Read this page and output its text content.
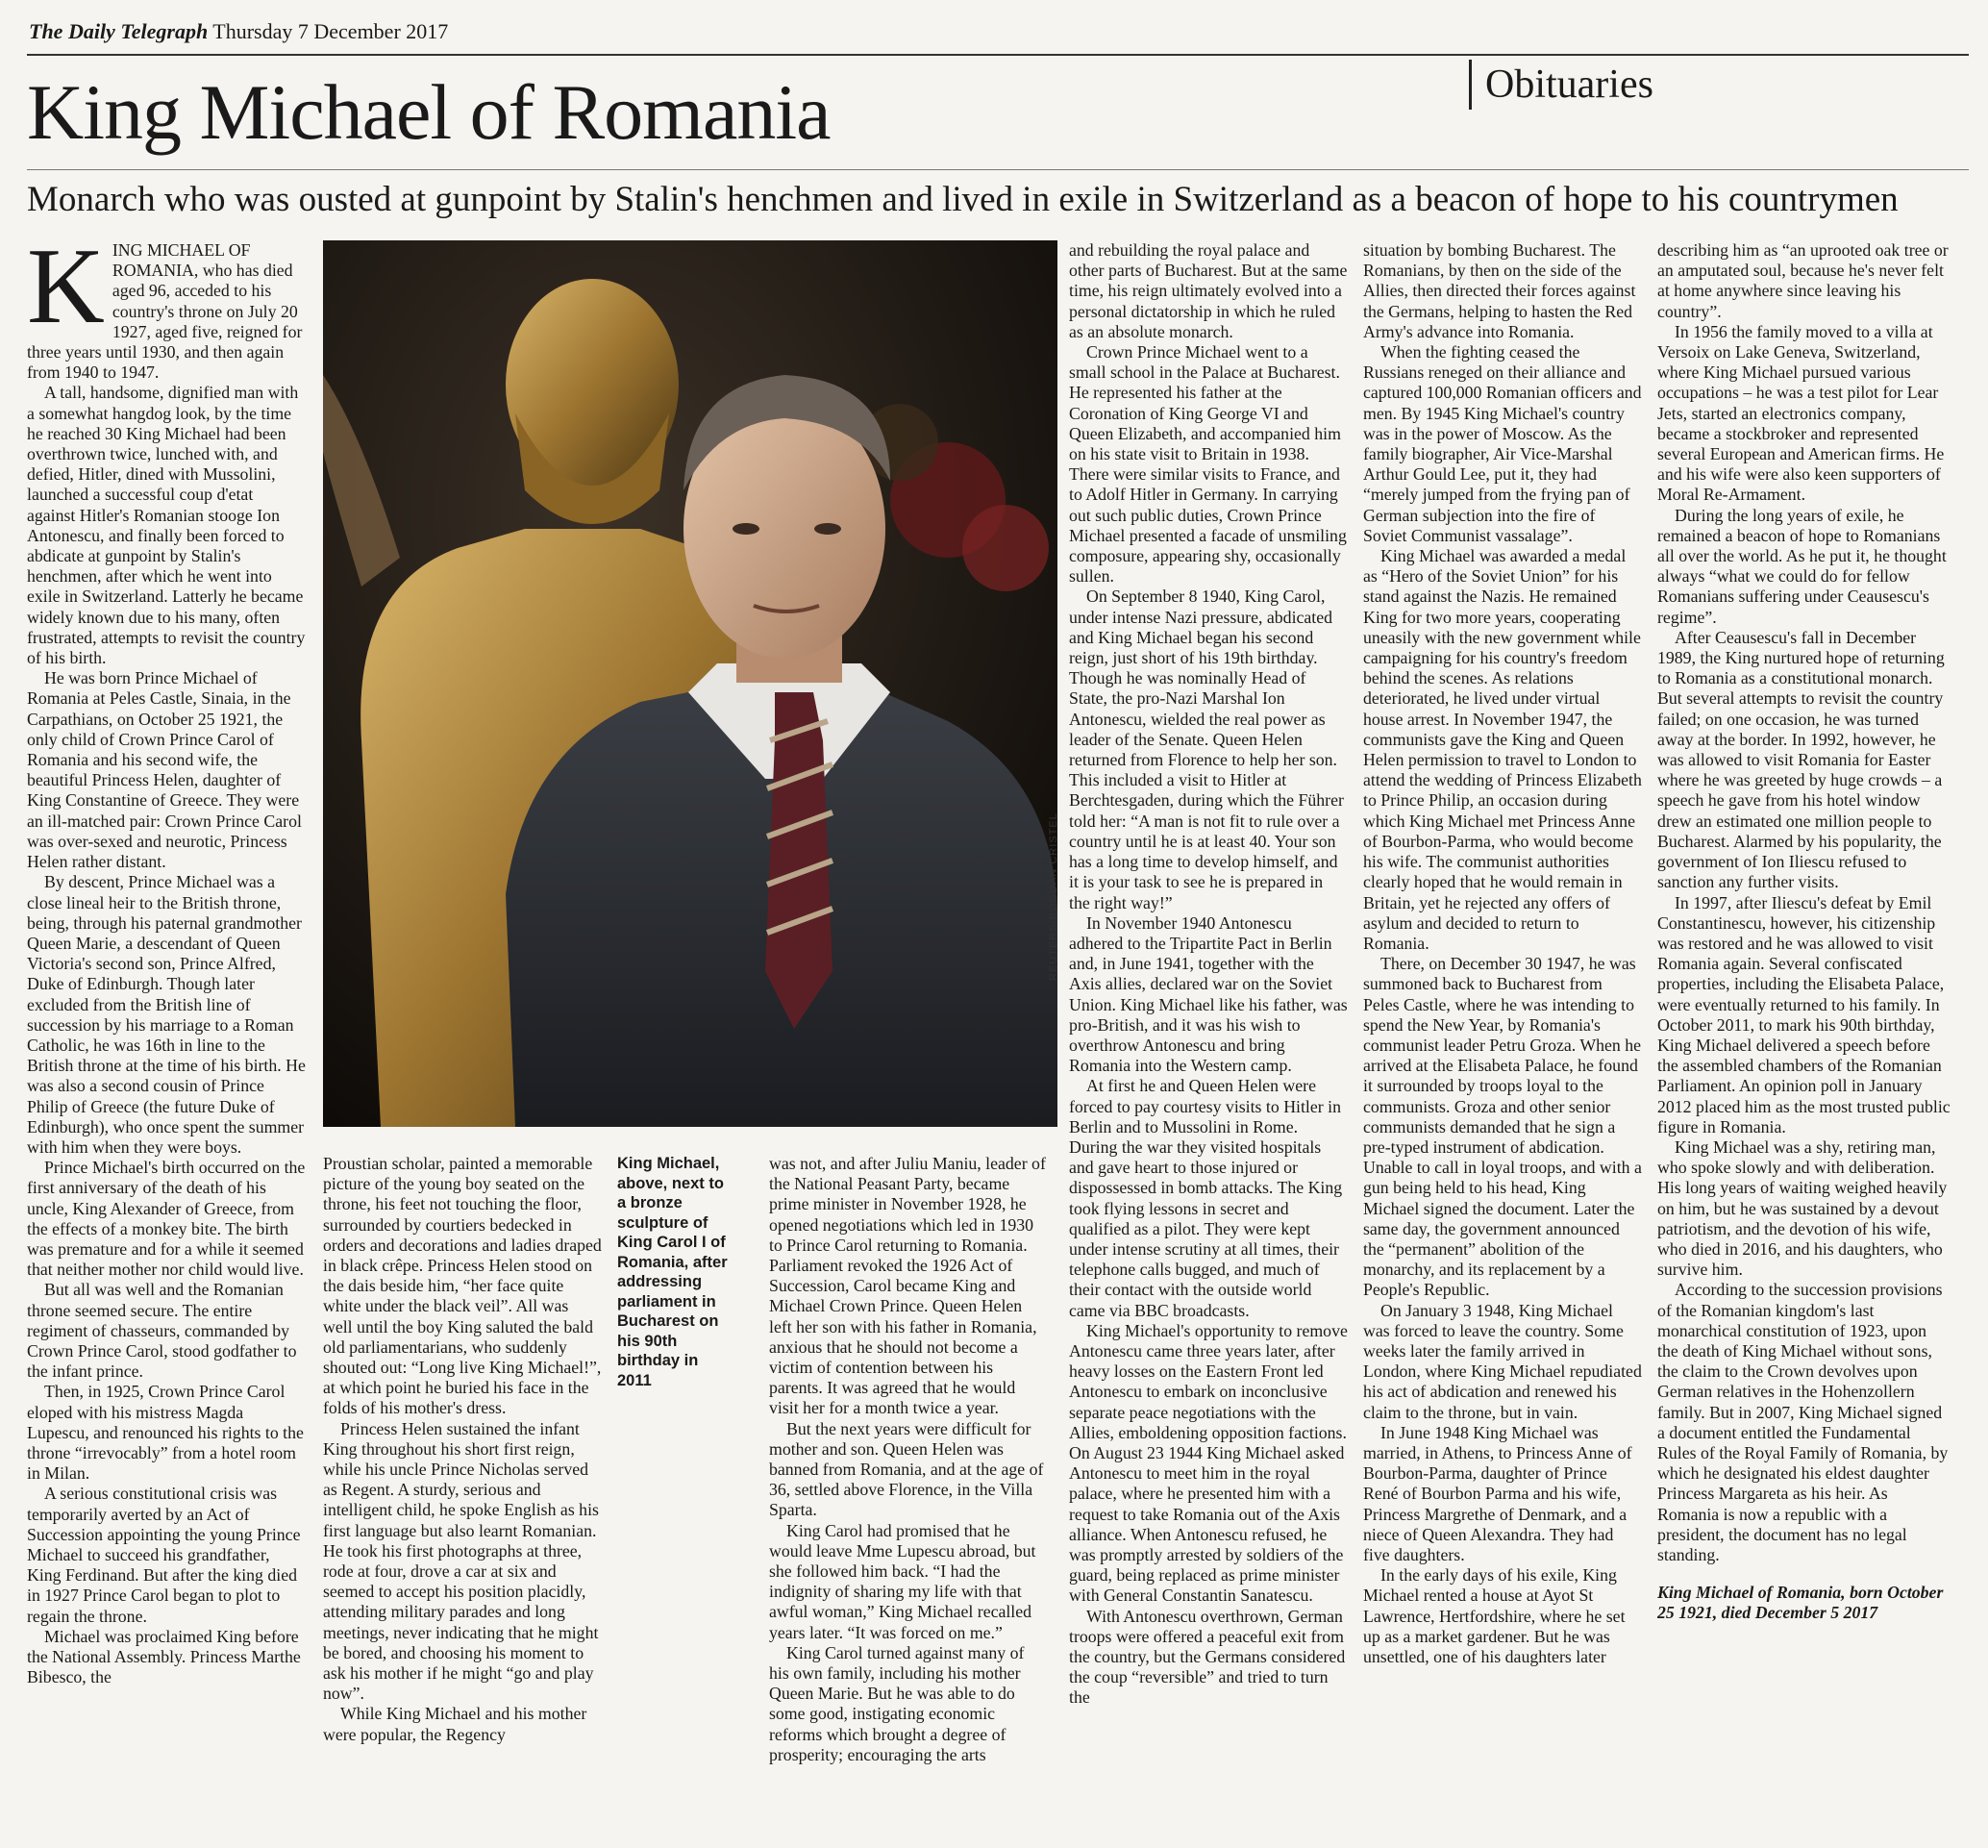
The Daily Telegraph Thursday 7 December 2017
King Michael of Romania	Obituaries
Monarch who was ousted at gunpoint by Stalin's henchmen and lived in exile in Switzerland as a beacon of hope to his countrymen
K ING MICHAEL OF ROMANIA, who has died aged 96, acceded to his country's throne on July 20 1927, aged five, reigned for three years until 1930, and then again from 1940 to 1947.

A tall, handsome, dignified man with a somewhat hangdog look, by the time he reached 30 King Michael had been overthrown twice, lunched with, and defied, Hitler, dined with Mussolini, launched a successful coup d'etat against Hitler's Romanian stooge Ion Antonescu, and finally been forced to abdicate at gunpoint by Stalin's henchmen, after which he went into exile in Switzerland. Latterly he became widely known due to his many, often frustrated, attempts to revisit the country of his birth.

He was born Prince Michael of Romania at Peles Castle, Sinaia, in the Carpathians, on October 25 1921, the only child of Crown Prince Carol of Romania and his second wife, the beautiful Princess Helen, daughter of King Constantine of Greece. They were an ill-matched pair: Crown Prince Carol was over-sexed and neurotic, Princess Helen rather distant.

By descent, Prince Michael was a close lineal heir to the British throne, being, through his paternal grandmother Queen Marie, a descendant of Queen Victoria's second son, Prince Alfred, Duke of Edinburgh. Though later excluded from the British line of succession by his marriage to a Roman Catholic, he was 16th in line to the British throne at the time of his birth. He was also a second cousin of Prince Philip of Greece (the future Duke of Edinburgh), who once spent the summer with him when they were boys.

Prince Michael's birth occurred on the first anniversary of the death of his uncle, King Alexander of Greece, from the effects of a monkey bite. The birth was premature and for a while it seemed that neither mother nor child would live.

But all was well and the Romanian throne seemed secure. The entire regiment of chasseurs, commanded by Crown Prince Carol, stood godfather to the infant prince.

Then, in 1925, Crown Prince Carol eloped with his mistress Magda Lupescu, and renounced his rights to the throne “irrevocably” from a hotel room in Milan.

A serious constitutional crisis was temporarily averted by an Act of Succession appointing the young Prince Michael to succeed his grandfather, King Ferdinand. But after the king died in 1927 Prince Carol began to plot to regain the throne.

Michael was proclaimed King before the National Assembly. Princess Marthe Bibesco, the

REUTERS/BOGDAN CRISTEL

Proustian scholar, painted a memorable picture of the young boy seated on the throne, his feet not touching the floor, surrounded by courtiers bedecked in orders and decorations and ladies draped in black crêpe. Princess Helen stood on the dais beside him, “her face quite white under the black veil”. All was well until the boy King saluted the bald old parliamentarians, who suddenly shouted out: “Long live King Michael!”, at which point he buried his face in the folds of his mother's dress.

Princess Helen sustained the infant King throughout his short first reign, while his uncle Prince Nicholas served as Regent. A sturdy, serious and intelligent child, he spoke English as his first language but also learnt Romanian. He took his first photographs at three, rode at four, drove a car at six and seemed to accept his position placidly, attending military parades and long meetings, never indicating that he might be bored, and choosing his moment to ask his mother if he might “go and play now”.

While King Michael and his mother were popular, the Regency

King Michael, above, next to a bronze sculpture of King Carol I of Romania, after addressing parliament in Bucharest on his 90th birthday in 2011

was not, and after Juliu Maniu, leader of the National Peasant Party, became prime minister in November 1928, he opened negotiations which led in 1930 to Prince Carol returning to Romania. Parliament revoked the 1926 Act of Succession, Carol became King and Michael Crown Prince. Queen Helen left her son with his father in Romania, anxious that he should not become a victim of contention between his parents. It was agreed that he would visit her for a month twice a year.

But the next years were difficult for mother and son. Queen Helen was banned from Romania, and at the age of 36, settled above Florence, in the Villa Sparta.

King Carol had promised that he would leave Mme Lupescu abroad, but she followed him back. “I had the indignity of sharing my life with that awful woman,” King Michael recalled years later. “It was forced on me.”

King Carol turned against many of his own family, including his mother Queen Marie. But he was able to do some good, instigating economic reforms which brought a degree of prosperity; encouraging the arts

and rebuilding the royal palace and other parts of Bucharest. But at the same time, his reign ultimately evolved into a personal dictatorship in which he ruled as an absolute monarch.

Crown Prince Michael went to a small school in the Palace at Bucharest. He represented his father at the Coronation of King George VI and Queen Elizabeth, and accompanied him on his state visit to Britain in 1938. There were similar visits to France, and to Adolf Hitler in Germany. In carrying out such public duties, Crown Prince Michael presented a facade of unsmiling composure, appearing shy, occasionally sullen.

On September 8 1940, King Carol, under intense Nazi pressure, abdicated and King Michael began his second reign, just short of his 19th birthday. Though he was nominally Head of State, the pro-Nazi Marshal Ion Antonescu, wielded the real power as leader of the Senate. Queen Helen returned from Florence to help her son. This included a visit to Hitler at Berchtesgaden, during which the Führer told her: “A man is not fit to rule over a country until he is at least 40. Your son has a long time to develop himself, and it is your task to see he is prepared in the right way!”

In November 1940 Antonescu adhered to the Tripartite Pact in Berlin and, in June 1941, together with the Axis allies, declared war on the Soviet Union. King Michael like his father, was pro-British, and it was his wish to overthrow Antonescu and bring Romania into the Western camp.

At first he and Queen Helen were forced to pay courtesy visits to Hitler in Berlin and to Mussolini in Rome. During the war they visited hospitals and gave heart to those injured or dispossessed in bomb attacks. The King took flying lessons in secret and qualified as a pilot. They were kept under intense scrutiny at all times, their telephone calls bugged, and much of their contact with the outside world came via BBC broadcasts.

King Michael's opportunity to remove Antonescu came three years later, after heavy losses on the Eastern Front led Antonescu to embark on inconclusive separate peace negotiations with the Allies, emboldening opposition factions. On August 23 1944 King Michael asked Antonescu to meet him in the royal palace, where he presented him with a request to take Romania out of the Axis alliance. When Antonescu refused, he was promptly arrested by soldiers of the guard, being replaced as prime minister with General Constantin Sanatescu.

With Antonescu overthrown, German troops were offered a peaceful exit from the country, but the Germans considered the coup “reversible” and tried to turn the

situation by bombing Bucharest. The Romanians, by then on the side of the Allies, then directed their forces against the Germans, helping to hasten the Red Army's advance into Romania.

When the fighting ceased the Russians reneged on their alliance and captured 100,000 Romanian officers and men. By 1945 King Michael's country was in the power of Moscow. As the family biographer, Air Vice-Marshal Arthur Gould Lee, put it, they had “merely jumped from the frying pan of German subjection into the fire of Soviet Communist vassalage”.

King Michael was awarded a medal as “Hero of the Soviet Union” for his stand against the Nazis. He remained King for two more years, cooperating uneasily with the new government while campaigning for his country's freedom behind the scenes. As relations deteriorated, he lived under virtual house arrest. In November 1947, the communists gave the King and Queen Helen permission to travel to London to attend the wedding of Princess Elizabeth to Prince Philip, an occasion during which King Michael met Princess Anne of Bourbon-Parma, who would become his wife. The communist authorities clearly hoped that he would remain in Britain, yet he rejected any offers of asylum and decided to return to Romania.

There, on December 30 1947, he was summoned back to Bucharest from Peles Castle, where he was intending to spend the New Year, by Romania's communist leader Petru Groza. When he arrived at the Elisabeta Palace, he found it surrounded by troops loyal to the communists. Groza and other senior communists demanded that he sign a pre-typed instrument of abdication. Unable to call in loyal troops, and with a gun being held to his head, King Michael signed the document. Later the same day, the government announced the “permanent” abolition of the monarchy, and its replacement by a People's Republic.

On January 3 1948, King Michael was forced to leave the country. Some weeks later the family arrived in London, where King Michael repudiated his act of abdication and renewed his claim to the throne, but in vain.

In June 1948 King Michael was married, in Athens, to Princess Anne of Bourbon-Parma, daughter of Prince René of Bourbon Parma and his wife, Princess Margrethe of Denmark, and a niece of Queen Alexandra. They had five daughters.

In the early days of his exile, King Michael rented a house at Ayot St Lawrence, Hertfordshire, where he set up as a market gardener. But he was unsettled, one of his daughters later

describing him as “an uprooted oak tree or an amputated soul, because he's never felt at home anywhere since leaving his country”.

In 1956 the family moved to a villa at Versoix on Lake Geneva, Switzerland, where King Michael pursued various occupations – he was a test pilot for Lear Jets, started an electronics company, became a stockbroker and represented several European and American firms. He and his wife were also keen supporters of Moral Re-Armament.

During the long years of exile, he remained a beacon of hope to Romanians all over the world. As he put it, he thought always “what we could do for fellow Romanians suffering under Ceausescu's regime”.

After Ceausescu's fall in December 1989, the King nurtured hope of returning to Romania as a constitutional monarch. But several attempts to revisit the country failed; on one occasion, he was turned away at the border. In 1992, however, he was allowed to visit Romania for Easter where he was greeted by huge crowds – a speech he gave from his hotel window drew an estimated one million people to Bucharest. Alarmed by his popularity, the government of Ion Iliescu refused to sanction any further visits.

In 1997, after Iliescu's defeat by Emil Constantinescu, however, his citizenship was restored and he was allowed to visit Romania again. Several confiscated properties, including the Elisabeta Palace, were eventually returned to his family. In October 2011, to mark his 90th birthday, King Michael delivered a speech before the assembled chambers of the Romanian Parliament. An opinion poll in January 2012 placed him as the most trusted public figure in Romania.

King Michael was a shy, retiring man, who spoke slowly and with deliberation. His long years of waiting weighed heavily on him, but he was sustained by a devout patriotism, and the devotion of his wife, who died in 2016, and his daughters, who survive him.

According to the succession provisions of the Romanian kingdom's last monarchical constitution of 1923, upon the death of King Michael without sons, the claim to the Crown devolves upon German relatives in the Hohenzollern family. But in 2007, King Michael signed a document entitled the Fundamental Rules of the Royal Family of Romania, by which he designated his eldest daughter Princess Margareta as his heir. As Romania is now a republic with a president, the document has no legal standing.

King Michael of Romania, born October 25 1921, died December 5 2017
